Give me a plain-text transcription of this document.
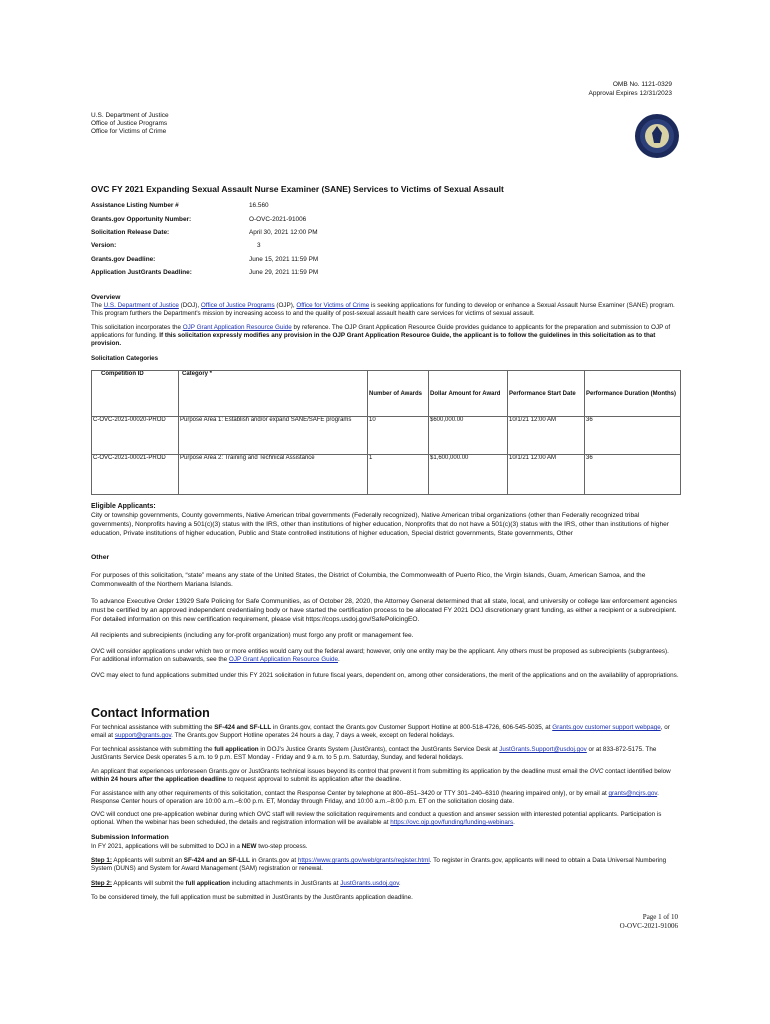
OMB No. 1121-0329
Approval Expires 12/31/2023
U.S. Department of Justice
Office of Justice Programs
Office for Victims of Crime
OVC FY 2021 Expanding Sexual Assault Nurse Examiner (SANE) Services to Victims of Sexual Assault
Assistance Listing Number #	16.560
Grants.gov Opportunity Number:	O-OVC-2021-91006
Solicitation Release Date:	April 30, 2021 12:00 PM
Version:	3
Grants.gov Deadline:	June 15, 2021 11:59 PM
Application JustGrants Deadline:	June 29, 2021 11:59 PM
Overview
The U.S. Department of Justice (DOJ), Office of Justice Programs (OJP), Office for Victims of Crime is seeking applications for funding to develop or enhance a Sexual Assault Nurse Examiner (SANE) program. This program furthers the Department's mission by increasing access to and the quality of post-sexual assault health care services for victims of sexual assault.
This solicitation incorporates the OJP Grant Application Resource Guide by reference. The OJP Grant Application Resource Guide provides guidance to applicants for the preparation and submission to OJP of applications for funding. If this solicitation expressly modifies any provision in the OJP Grant Application Resource Guide, the applicant is to follow the guidelines in this solicitation as to that provision.
Solicitation Categories
Competition ID	Category *	Number of Awards	Dollar Amount for Award	Performance Start Date	Performance Duration (Months)
C-OVC-2021-00020-PROD	Purpose Area 1: Establish and/or expand SANE/SAFE programs	10	$600,000.00	10/1/21 12:00 AM	36
C-OVC-2021-00021-PROD	Purpose Area 2: Training and Technical Assistance	1	$1,600,000.00	10/1/21 12:00 AM	36
Eligible Applicants:
City or township governments, County governments, Native American tribal governments (Federally recognized), Native American tribal organizations (other than Federally recognized tribal governments), Nonprofits having a 501(c)(3) status with the IRS, other than institutions of higher education, Nonprofits that do not have a 501(c)(3) status with the IRS, other than institutions of higher education, Private institutions of higher education, Public and State controlled institutions of higher education, Special district governments, State governments, Other
Other
For purposes of this solicitation, “state” means any state of the United States, the District of Columbia, the Commonwealth of Puerto Rico, the Virgin Islands, Guam, American Samoa, and the Commonwealth of the Northern Mariana Islands.
To advance Executive Order 13929 Safe Policing for Safe Communities, as of October 28, 2020, the Attorney General determined that all state, local, and university or college law enforcement agencies must be certified by an approved independent credentialing body or have started the certification process to be allocated FY 2021 DOJ discretionary grant funding, as either a recipient or a subrecipient. For detailed information on this new certification requirement, please visit https://cops.usdoj.gov/SafePolicingEO.
All recipients and subrecipients (including any for-profit organization) must forgo any profit or management fee.
OVC will consider applications under which two or more entities would carry out the federal award; however, only one entity may be the applicant. Any others must be proposed as subrecipients (subgrantees). For additional information on subawards, see the OJP Grant Application Resource Guide.
OVC may elect to fund applications submitted under this FY 2021 solicitation in future fiscal years, dependent on, among other considerations, the merit of the applications and on the availability of appropriations.
Contact Information
For technical assistance with submitting the SF-424 and SF-LLL in Grants.gov, contact the Grants.gov Customer Support Hotline at 800-518-4726, 606-545-5035, at Grants.gov customer support webpage, or email at support@grants.gov. The Grants.gov Support Hotline operates 24 hours a day, 7 days a week, except on federal holidays.
For technical assistance with submitting the full application in DOJ's Justice Grants System (JustGrants), contact the JustGrants Service Desk at JustGrants.Support@usdoj.gov or at 833-872-5175. The JustGrants Service Desk operates 5 a.m. to 9 p.m. EST Monday - Friday and 9 a.m. to 5 p.m. Saturday, Sunday, and federal holidays.
An applicant that experiences unforeseen Grants.gov or JustGrants technical issues beyond its control that prevent it from submitting its application by the deadline must email the OVC contact identified below within 24 hours after the application deadline to request approval to submit its application after the deadline.
For assistance with any other requirements of this solicitation, contact the Response Center by telephone at 800–851–3420 or TTY 301–240–6310 (hearing impaired only), or by email at grants@ncjrs.gov. Response Center hours of operation are 10:00 a.m.–6:00 p.m. ET, Monday through Friday, and 10:00 a.m.–8:00 p.m. ET on the solicitation closing date.
OVC will conduct one pre-application webinar during which OVC staff will review the solicitation requirements and conduct a question and answer session with interested potential applicants. Participation is optional. When the webinar has been scheduled, the details and registration information will be available at https://ovc.ojp.gov/funding/funding-webinars.
Submission Information
In FY 2021, applications will be submitted to DOJ in a NEW two-step process.
Step 1: Applicants will submit an SF-424 and an SF-LLL in Grants.gov at https://www.grants.gov/web/grants/register.html. To register in Grants.gov, applicants will need to obtain a Data Universal Numbering System (DUNS) and System for Award Management (SAM) registration or renewal.
Step 2: Applicants will submit the full application including attachments in JustGrants at JustGrants.usdoj.gov.
To be considered timely, the full application must be submitted in JustGrants by the JustGrants application deadline.
Page 1 of 10
O-OVC-2021-91006
